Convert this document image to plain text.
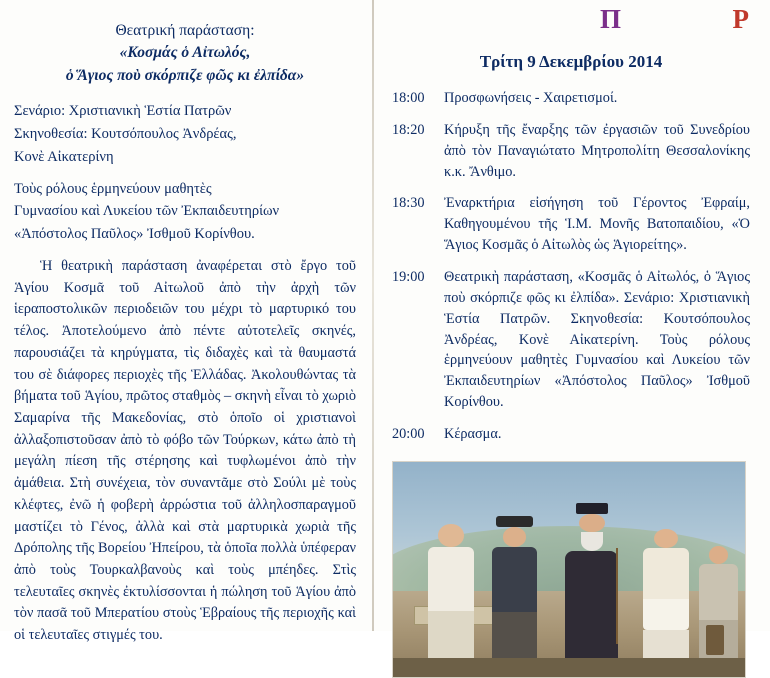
Θεατρική παράσταση:
«Κοσμάς ὁ Αἰτωλός,
ὁ Ἅγιος ποὺ σκόρπιζε φῶς κι ἐλπίδα»
Σενάριο: Χριστιανικὴ Ἑστία Πατρῶν
Σκηνοθεσία: Κουτσόπουλος Ἀνδρέας,
Κονὲ Αἰκατερίνη
Τοὺς ρόλους ἑρμηνεύουν μαθητὲς
Γυμνασίου καὶ Λυκείου τῶν Ἐκπαιδευτηρίων
«Ἀπόστολος Παῦλος» Ἰσθμοῦ Κορίνθου.
Ἡ θεατρικὴ παράσταση ἀναφέρεται στὸ ἔργο τοῦ Ἁγίου Κοσμᾶ τοῦ Αἰτωλοῦ ἀπὸ τὴν ἀρχὴ τῶν ἱεραποστολικῶν περιοδειῶν του μέχρι τὸ μαρτυρικό του τέλος. Ἀποτελούμενο ἀπὸ πέντε αὐτοτελεῖς σκηνές, παρουσιάζει τὰ κηρύγματα, τὶς διδαχὲς καὶ τὰ θαυμαστά του σὲ διάφορες περιοχὲς τῆς Ἑλλάδας. Ἀκολουθώντας τὰ βήματα τοῦ Ἁγίου, πρῶτος σταθμὸς – σκηνὴ εἶναι τὸ χωριὸ Σαμαρίνα τῆς Μακεδονίας, στὸ ὁποῖο οἱ χριστιανοὶ ἀλλαξοπιστοῦσαν ἀπὸ τὸ φόβο τῶν Τούρκων, κάτω ἀπὸ τὴ μεγάλη πίεση τῆς στέρησης καὶ τυφλωμένοι ἀπὸ τὴν ἀμάθεια. Στὴ συνέχεια, τὸν συναντᾶμε στὸ Σούλι μὲ τοὺς κλέφτες, ἐνῶ ἡ φοβερὴ ἀρρώστια τοῦ ἀλληλοσπαραγμοῦ μαστίζει τὸ Γένος, ἀλλὰ καὶ στὰ μαρτυρικὰ χωριὰ τῆς Δρόπολης τῆς Βορείου Ἠπείρου, τὰ ὁποῖα πολλὰ ὑπέφεραν ἀπὸ τοὺς Τουρκαλβανοὺς καὶ τοὺς μπέηδες. Στὶς τελευταῖες σκηνὲς ἐκτυλίσσονται ἡ πώληση τοῦ Ἁγίου ἀπὸ τὸν πασᾶ τοῦ Μπερατίου στοὺς Ἑβραίους τῆς περιοχῆς καὶ οἱ τελευταῖες στιγμές του.
Π	Ρ
Τρίτη 9 Δεκεμβρίου 2014
18:00	Προσφωνήσεις - Χαιρετισμοί.
18:20	Κήρυξη τῆς ἔναρξης τῶν ἐργασιῶν τοῦ Συνεδρίου ἀπὸ τὸν Παναγιώτατο Μητροπολίτη Θεσσαλονίκης κ.κ. Ἄνθιμο.
18:30	Ἐναρκτήρια εἰσήγηση τοῦ Γέροντος Ἐφραίμ, Καθηγουμένου τῆς Ἱ.Μ. Μονῆς Βατοπαιδίου, «Ὁ Ἅγιος Κοσμᾶς ὁ Αἰτωλὸς ὡς Ἁγιορείτης».
19:00	Θεατρικὴ παράσταση, «Κοσμᾶς ὁ Αἰτωλός, ὁ Ἅγιος ποὺ σκόρπιζε φῶς κι ἐλπίδα». Σενάριο: Χριστιανικὴ Ἑστία Πατρῶν. Σκηνοθεσία: Κουτσόπουλος Ἀνδρέας, Κονὲ Αἰκατερίνη. Τοὺς ρόλους ἑρμηνεύουν μαθητὲς Γυμνασίου καὶ Λυκείου τῶν Ἐκπαιδευτηρίων «Ἀπόστολος Παῦλος» Ἰσθμοῦ Κορίνθου.
20:00	Κέρασμα.
